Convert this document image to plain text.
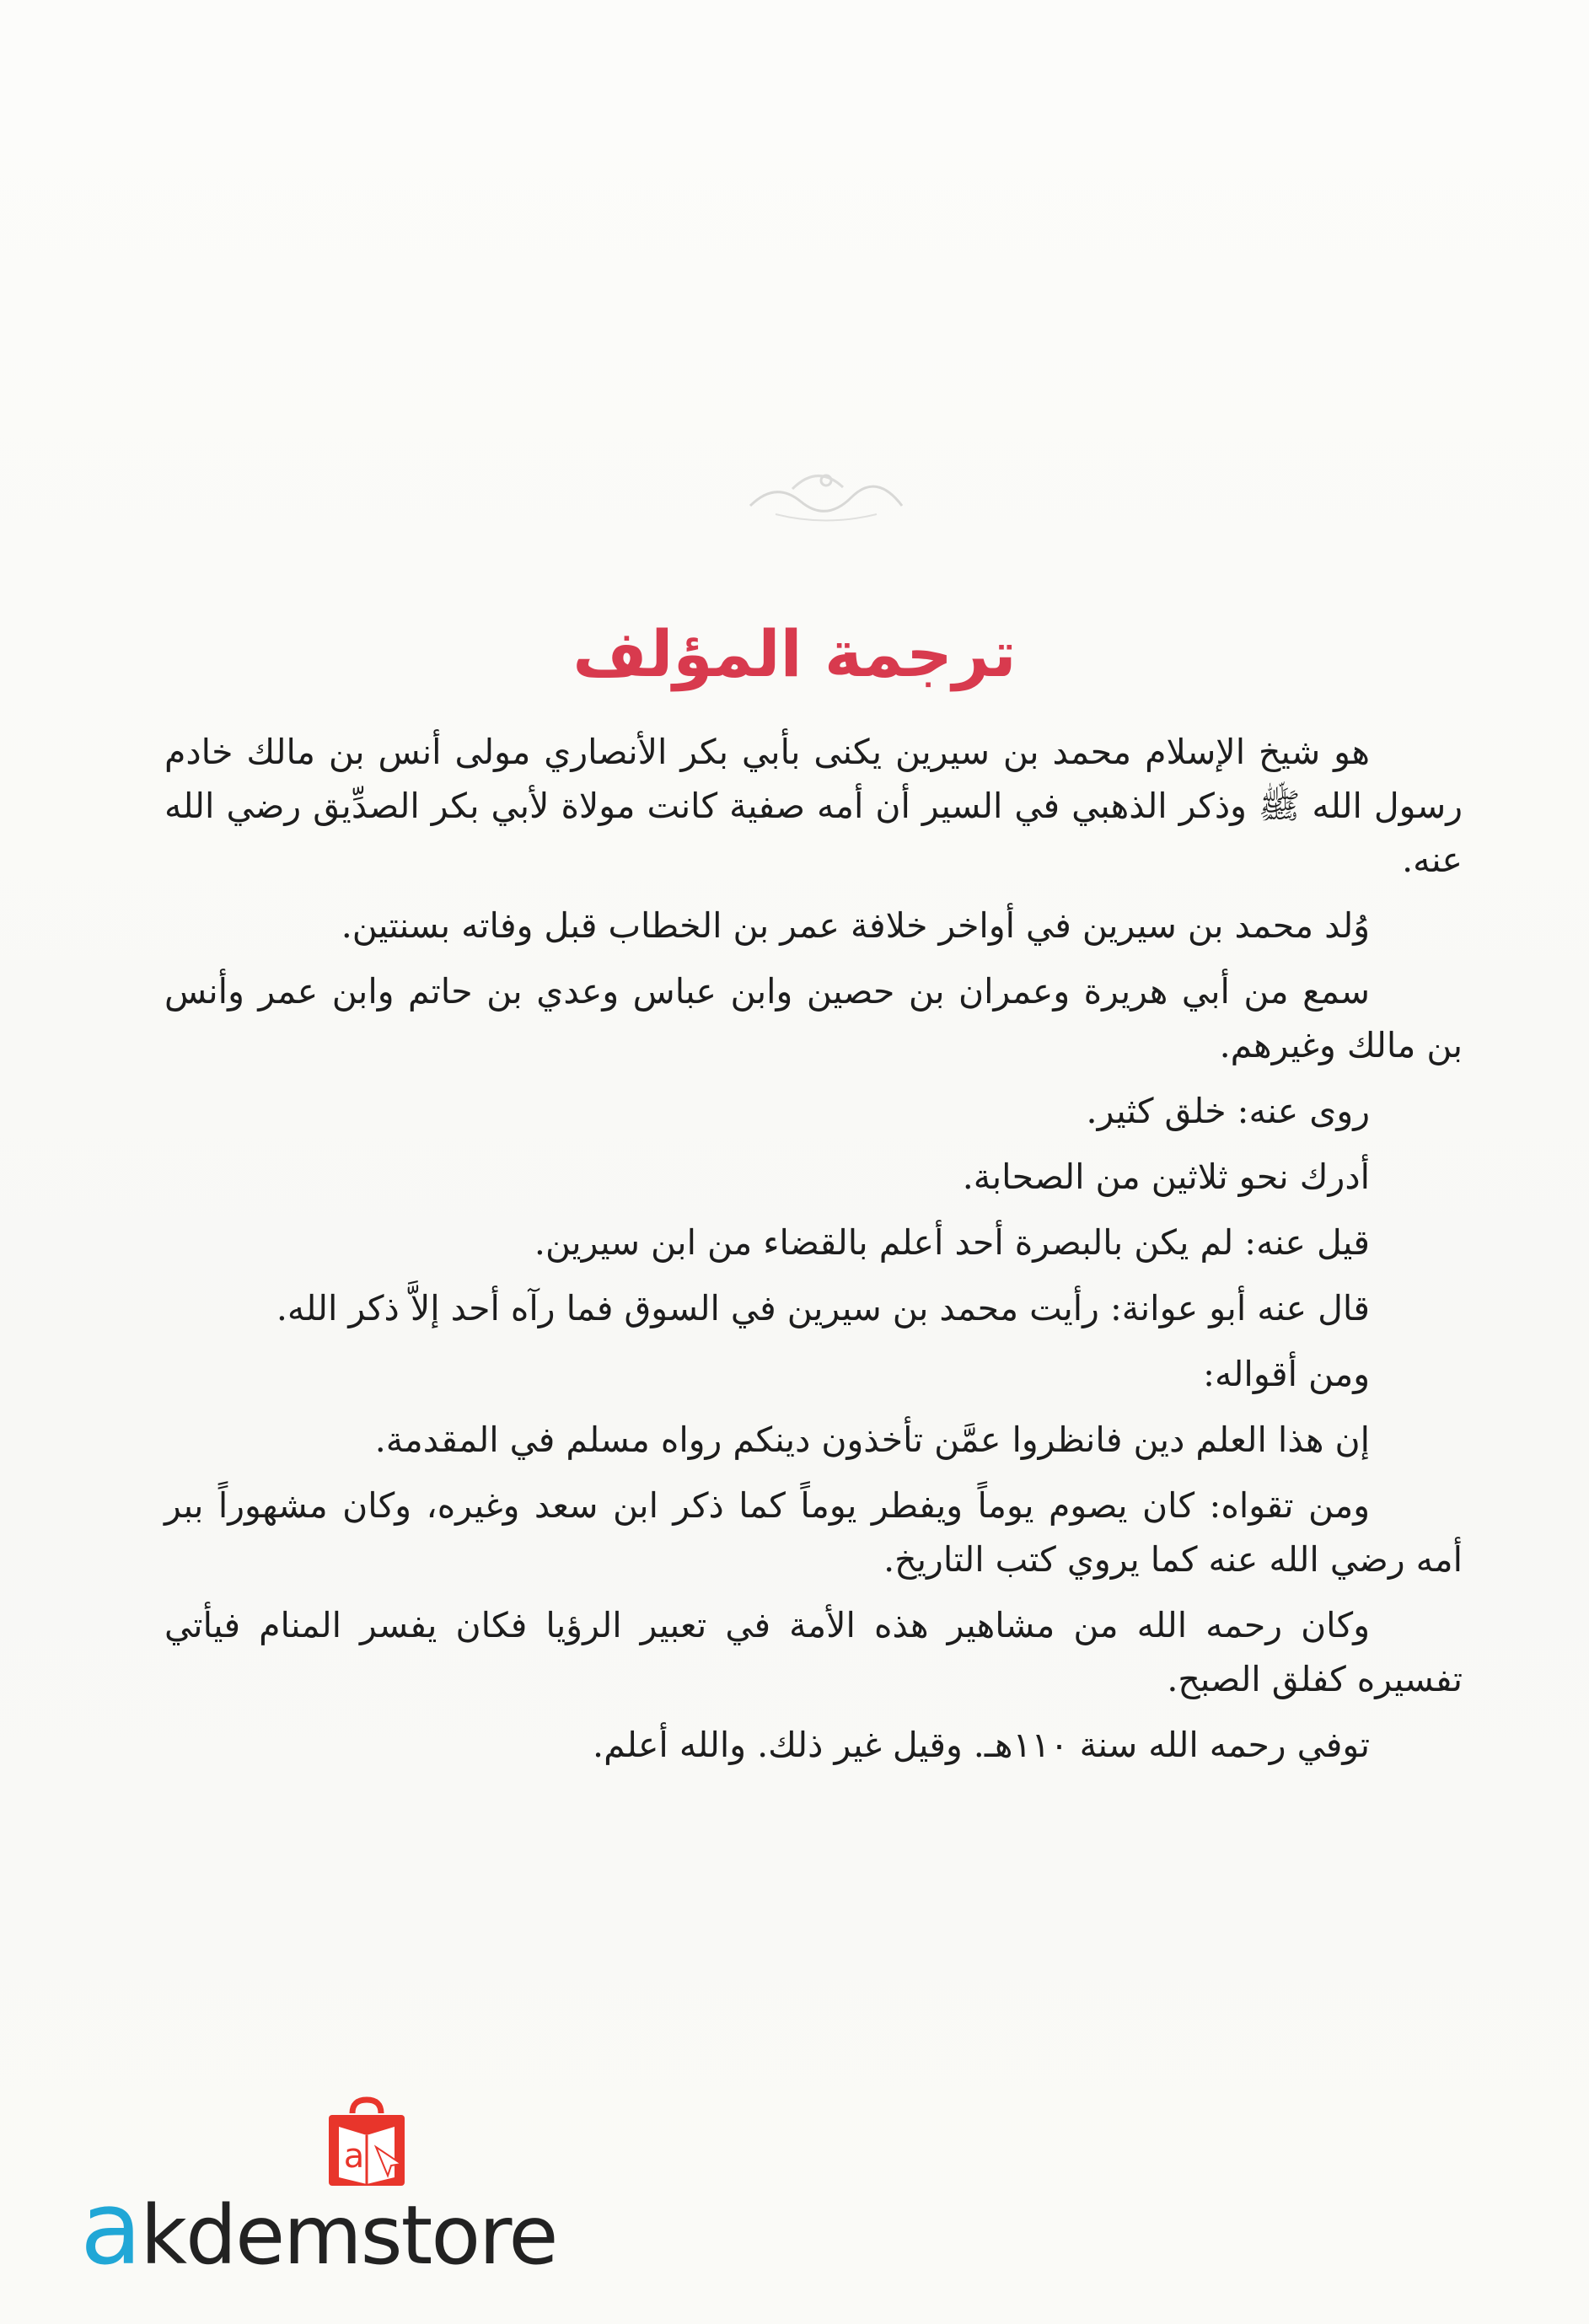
ترجمة المؤلف

هو شيخ الإسلام محمد بن سيرين يكنى بأبي بكر الأنصاري مولى أنس بن مالك خادم رسول الله ﷺ وذكر الذهبي في السير أن أمه صفية كانت مولاة لأبي بكر الصدِّيق رضي الله عنه.

وُلد محمد بن سيرين في أواخر خلافة عمر بن الخطاب قبل وفاته بسنتين.

سمع من أبي هريرة وعمران بن حصين وابن عباس وعدي بن حاتم وابن عمر وأنس بن مالك وغيرهم.

روى عنه: خلق كثير.

أدرك نحو ثلاثين من الصحابة.

قيل عنه: لم يكن بالبصرة أحد أعلم بالقضاء من ابن سيرين.

قال عنه أبو عوانة: رأيت محمد بن سيرين في السوق فما رآه أحد إلاَّ ذكر الله.

ومن أقواله:

إن هذا العلم دين فانظروا عمَّن تأخذون دينكم رواه مسلم في المقدمة.

ومن تقواه: كان يصوم يوماً ويفطر يوماً كما ذكر ابن سعد وغيره، وكان مشهوراً ببر أمه رضي الله عنه كما يروي كتب التاريخ.

وكان رحمه الله من مشاهير هذه الأمة في تعبير الرؤيا فكان يفسر المنام فيأتي تفسيره كفلق الصبح.

توفي رحمه الله سنة ١١٠هـ. وقيل غير ذلك. والله أعلم.

a
akdemstore
